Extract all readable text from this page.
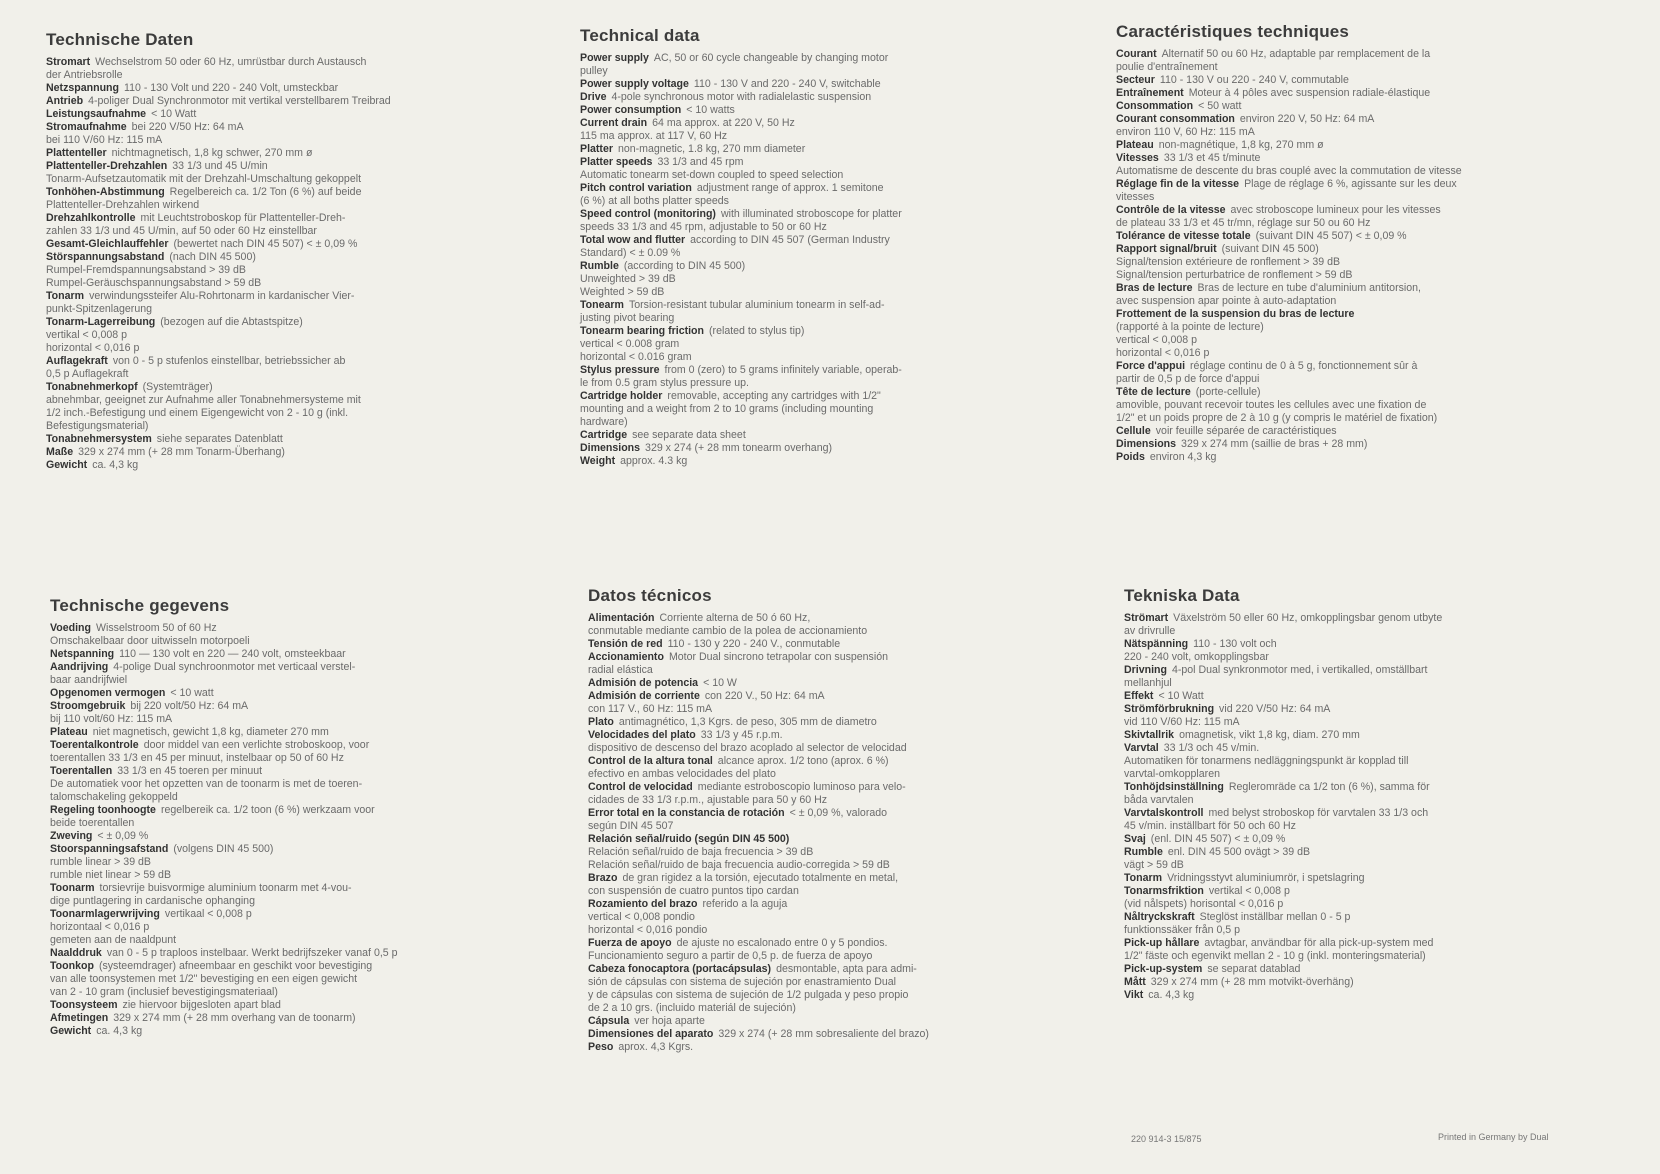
Technische Daten

Stromart Wechselstrom 50 oder 60 Hz, umrüstbar durch Austausch

der Antriebsrolle

Netzspannung 110 - 130 Volt und 220 - 240 Volt, umsteckbar

Antrieb 4-poliger Dual Synchronmotor mit vertikal verstellbarem Treibrad

Leistungsaufnahme < 10 Watt

Stromaufnahme bei 220 V/50 Hz: 64 mA

bei 110 V/60 Hz: 115 mA

Plattenteller nichtmagnetisch, 1,8 kg schwer, 270 mm ø

Plattenteller-Drehzahlen 33 1/3 und 45 U/min

Tonarm-Aufsetzautomatik mit der Drehzahl-Umschaltung gekoppelt

Tonhöhen-Abstimmung Regelbereich ca. 1/2 Ton (6 %) auf beide

Plattenteller-Drehzahlen wirkend

Drehzahlkontrolle mit Leuchtstroboskop für Plattenteller-Dreh-

zahlen 33 1/3 und 45 U/min, auf 50 oder 60 Hz einstellbar

Gesamt-Gleichlauffehler (bewertet nach DIN 45 507) < ± 0,09 %

Störspannungsabstand (nach DIN 45 500)

Rumpel-Fremdspannungsabstand > 39 dB

Rumpel-Geräuschspannungsabstand > 59 dB

Tonarm verwindungssteifer Alu-Rohrtonarm in kardanischer Vier-

punkt-Spitzenlagerung

Tonarm-Lagerreibung (bezogen auf die Abtastspitze)

vertikal < 0,008 p

horizontal < 0,016 p

Auflagekraft von 0 - 5 p stufenlos einstellbar, betriebssicher ab

0,5 p Auflagekraft

Tonabnehmerkopf (Systemträger)

abnehmbar, geeignet zur Aufnahme aller Tonabnehmersysteme mit

1/2 inch.-Befestigung und einem Eigengewicht von 2 - 10 g (inkl.

Befestigungsmaterial)

Tonabnehmersystem siehe separates Datenblatt

Maße 329 x 274 mm (+ 28 mm Tonarm-Überhang)

Gewicht ca. 4,3 kg

Technical data

Power supply AC, 50 or 60 cycle changeable by changing motor

pulley

Power supply voltage 110 - 130 V and 220 - 240 V, switchable

Drive 4-pole synchronous motor with radialelastic suspension

Power consumption < 10 watts

Current drain 64 ma approx. at 220 V, 50 Hz

115 ma approx. at 117 V, 60 Hz

Platter non-magnetic, 1.8 kg, 270 mm diameter

Platter speeds 33 1/3 and 45 rpm

Automatic tonearm set-down coupled to speed selection

Pitch control variation adjustment range of approx. 1 semitone

(6 %) at all boths platter speeds

Speed control (monitoring) with illuminated stroboscope for platter

speeds 33 1/3 and 45 rpm, adjustable to 50 or 60 Hz

Total wow and flutter according to DIN 45 507 (German Industry

Standard) < ± 0.09 %

Rumble (according to DIN 45 500)

Unweighted > 39 dB

Weighted > 59 dB

Tonearm Torsion-resistant tubular aluminium tonearm in self-ad-

justing pivot bearing

Tonearm bearing friction (related to stylus tip)

vertical < 0.008 gram

horizontal < 0.016 gram

Stylus pressure from 0 (zero) to 5 grams infinitely variable, operab-

le from 0.5 gram stylus pressure up.

Cartridge holder removable, accepting any cartridges with 1/2"

mounting and a weight from 2 to 10 grams (including mounting

hardware)

Cartridge see separate data sheet

Dimensions 329 x 274 (+ 28 mm tonearm overhang)

Weight approx. 4.3 kg

Caractéristiques techniques

Courant Alternatif 50 ou 60 Hz, adaptable par remplacement de la

poulie d'entraînement

Secteur 110 - 130 V ou 220 - 240 V, commutable

Entraînement Moteur à 4 pôles avec suspension radiale-élastique

Consommation < 50 watt

Courant consommation environ 220 V, 50 Hz: 64 mA

environ 110 V, 60 Hz: 115 mA

Plateau non-magnétique, 1,8 kg, 270 mm ø

Vitesses 33 1/3 et 45 t/minute

Automatisme de descente du bras couplé avec la commutation de vitesse

Réglage fin de la vitesse Plage de réglage 6 %, agissante sur les deux

vitesses

Contrôle de la vitesse avec stroboscope lumineux pour les vitesses

de plateau 33 1/3 et 45 tr/mn, réglage sur 50 ou 60 Hz

Tolérance de vitesse totale (suivant DIN 45 507) < ± 0,09 %

Rapport signal/bruit (suivant DIN 45 500)

Signal/tension extérieure de ronflement > 39 dB

Signal/tension perturbatrice de ronflement > 59 dB

Bras de lecture Bras de lecture en tube d'aluminium antitorsion,

avec suspension apar pointe à auto-adaptation

Frottement de la suspension du bras de lecture

(rapporté à la pointe de lecture)

vertical < 0,008 p

horizontal < 0,016 p

Force d'appui réglage continu de 0 à 5 g, fonctionnement sûr à

partir de 0,5 p de force d'appui

Tête de lecture (porte-cellule)

amovible, pouvant recevoir toutes les cellules avec une fixation de

1/2" et un poids propre de 2 à 10 g (y compris le matériel de fixation)

Cellule voir feuille séparée de caractéristiques

Dimensions 329 x 274 mm (saillie de bras + 28 mm)

Poids environ 4,3 kg

Technische gegevens

Voeding Wisselstroom 50 of 60 Hz

Omschakelbaar door uitwisseln motorpoeli

Netspanning 110 — 130 volt en 220 — 240 volt, omsteekbaar

Aandrijving 4-polige Dual synchroonmotor met verticaal verstel-

baar aandrijfwiel

Opgenomen vermogen < 10 watt

Stroomgebruik bij 220 volt/50 Hz: 64 mA

bij 110 volt/60 Hz: 115 mA

Plateau niet magnetisch, gewicht 1,8 kg, diameter 270 mm

Toerentalkontrole door middel van een verlichte stroboskoop, voor

toerentallen 33 1/3 en 45 per minuut, instelbaar op 50 of 60 Hz

Toerentallen 33 1/3 en 45 toeren per minuut

De automatiek voor het opzetten van de toonarm is met de toeren-

talomschakeling gekoppeld

Regeling toonhoogte regelbereik ca. 1/2 toon (6 %) werkzaam voor

beide toerentallen

Zweving < ± 0,09 %

Stoorspanningsafstand (volgens DIN 45 500)

rumble linear > 39 dB

rumble niet linear > 59 dB

Toonarm torsievrije buisvormige aluminium toonarm met 4-vou-

dige puntlagering in cardanische ophanging

Toonarmlagerwrijving vertikaal < 0,008 p

horizontaal < 0,016 p

gemeten aan de naaldpunt

Naalddruk van 0 - 5 p traploos instelbaar. Werkt bedrijfszeker vanaf 0,5 p

Toonkop (systeemdrager) afneembaar en geschikt voor bevestiging

van alle toonsystemen met 1/2" bevestiging en een eigen gewicht

van 2 - 10 gram (inclusief bevestigingsmateriaal)

Toonsysteem zie hiervoor bijgesloten apart blad

Afmetingen 329 x 274 mm (+ 28 mm overhang van de toonarm)

Gewicht ca. 4,3 kg

Datos técnicos

Alimentación Corriente alterna de 50 ó 60 Hz,

conmutable mediante cambio de la polea de accionamiento

Tensión de red 110 - 130 y 220 - 240 V., conmutable

Accionamiento Motor Dual sincrono tetrapolar con suspensión

radial elástica

Admisión de potencia < 10 W

Admisión de corriente con 220 V., 50 Hz: 64 mA

con 117 V., 60 Hz: 115 mA

Plato antimagnético, 1,3 Kgrs. de peso, 305 mm de diametro

Velocidades del plato 33 1/3 y 45 r.p.m.

dispositivo de descenso del brazo acoplado al selector de velocidad

Control de la altura tonal alcance aprox. 1/2 tono (aprox. 6 %)

efectivo en ambas velocidades del plato

Control de velocidad mediante estroboscopio luminoso para velo-

cidades de 33 1/3 r.p.m., ajustable para 50 y 60 Hz

Error total en la constancia de rotación < ± 0,09 %, valorado

según DIN 45 507

Relación señal/ruido (según DIN 45 500)

Relación señal/ruido de baja frecuencia > 39 dB

Relación señal/ruido de baja frecuencia audio-corregida > 59 dB

Brazo de gran rigidez a la torsión, ejecutado totalmente en metal,

con suspensión de cuatro puntos tipo cardan

Rozamiento del brazo referido a la aguja

vertical < 0,008 pondio

horizontal < 0,016 pondio

Fuerza de apoyo de ajuste no escalonado entre 0 y 5 pondios.

Funcionamiento seguro a partir de 0,5 p. de fuerza de apoyo

Cabeza fonocaptora (portacápsulas) desmontable, apta para admi-

sión de cápsulas con sistema de sujeción por enastramiento Dual

y de cápsulas con sistema de sujeción de 1/2 pulgada y peso propio

de 2 a 10 grs. (incluido materiál de sujeción)

Cápsula ver hoja aparte

Dimensiones del aparato 329 x 274 (+ 28 mm sobresaliente del brazo)

Peso aprox. 4,3 Kgrs.

Tekniska Data

Strömart Växelström 50 eller 60 Hz, omkopplingsbar genom utbyte

av drivrulle

Nätspänning 110 - 130 volt och

220 - 240 volt, omkopplingsbar

Drivning 4-pol Dual synkronmotor med, i vertikalled, omställbart

mellanhjul

Effekt < 10 Watt

Strömförbrukning vid 220 V/50 Hz: 64 mA

vid 110 V/60 Hz: 115 mA

Skivtallrik omagnetisk, vikt 1,8 kg, diam. 270 mm

Varvtal 33 1/3 och 45 v/min.

Automatiken för tonarmens nedläggningspunkt är kopplad till

varvtal-omkopplaren

Tonhöjdsinställning Regleromräde ca 1/2 ton (6 %), samma för

båda varvtalen

Varvtalskontroll med belyst stroboskop för varvtalen 33 1/3 och

45 v/min. inställbart för 50 och 60 Hz

Svaj (enl. DIN 45 507) < ± 0,09 %

Rumble enl. DIN 45 500 ovägt > 39 dB

vägt > 59 dB

Tonarm Vridningsstyvt aluminiumrör, i spetslagring

Tonarmsfriktion vertikal < 0,008 p

(vid nålspets) horisontal < 0,016 p

Nåltryckskraft Steglöst inställbar mellan 0 - 5 p

funktionssäker från 0,5 p

Pick-up hållare avtagbar, användbar för alla pick-up-system med

1/2" fäste och egenvikt mellan 2 - 10 g (inkl. monteringsmaterial)

Pick-up-system se separat datablad

Mått 329 x 274 mm (+ 28 mm motvikt-överhäng)

Vikt ca. 4,3 kg

220 914-3 15/875	Printed in Germany by Dual
